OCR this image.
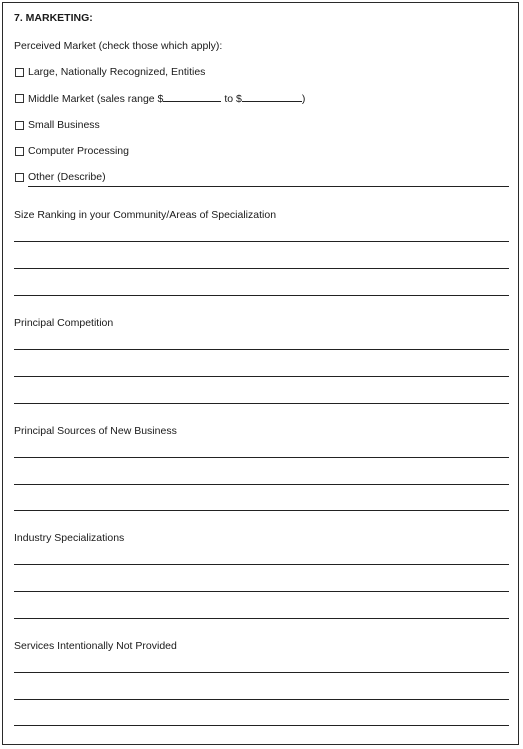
7. MARKETING:
Perceived Market (check those which apply):
Large, Nationally Recognized, Entities
Middle Market (sales range $	to $	)
Small Business
Computer Processing
Other (Describe)
Size Ranking in your Community/Areas of Specialization
Principal Competition
Principal Sources of New Business
Industry Specializations
Services Intentionally Not Provided
